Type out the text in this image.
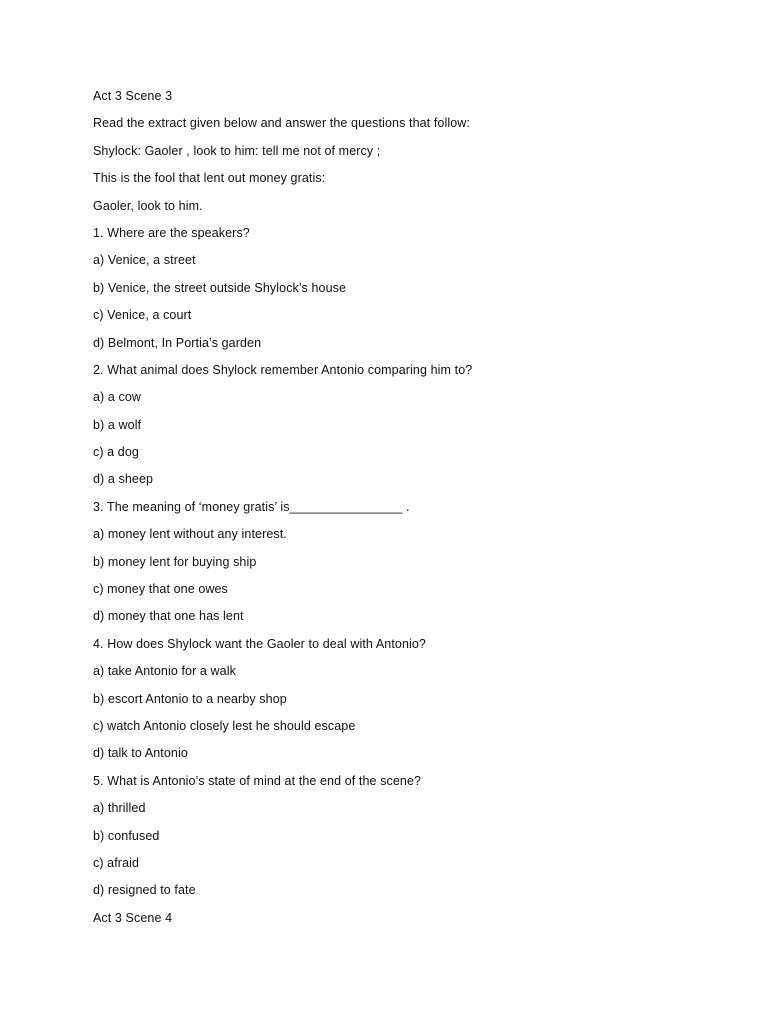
Act 3 Scene 3
Read the extract given below and answer the questions that follow:
Shylock: Gaoler , look to him: tell me not of mercy ;
This is the fool that lent out money gratis:
Gaoler, look to him.
1. Where are the speakers?
a) Venice, a street
b) Venice, the street outside Shylock’s house
c) Venice, a court
d) Belmont, In Portia’s garden
2. What animal does Shylock remember Antonio comparing him to?
a) a cow
b) a wolf
c) a dog
d) a sheep
3. The meaning of ‘money gratis’ is________________ .
a) money lent without any interest.
b) money lent for buying ship
c) money that one owes
d) money that one has lent
4. How does Shylock want the Gaoler to deal with Antonio?
a) take Antonio for a walk
b) escort Antonio to a nearby shop
c) watch Antonio closely lest he should escape
d) talk to Antonio
5. What is Antonio’s state of mind at the end of the scene?
a) thrilled
b) confused
c) afraid
d) resigned to fate
Act 3 Scene 4
